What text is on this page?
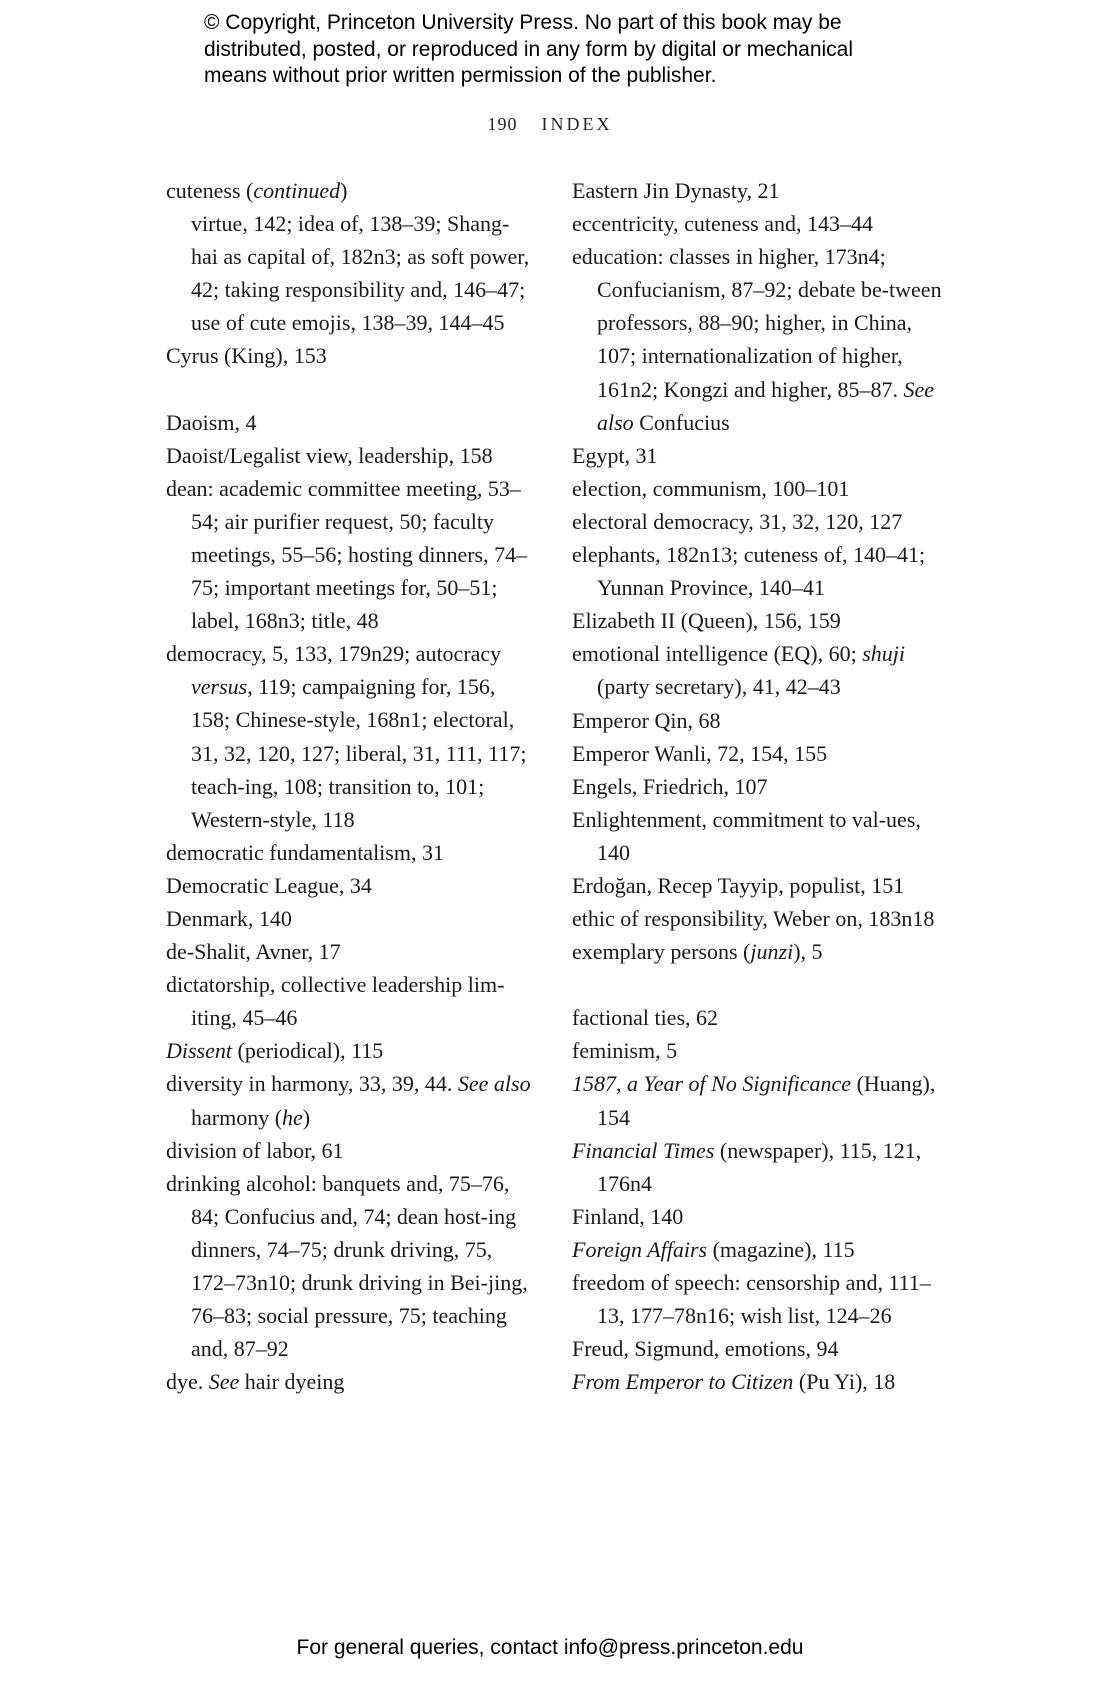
© Copyright, Princeton University Press. No part of this book may be
distributed, posted, or reproduced in any form by digital or mechanical
means without prior written permission of the publisher.
190 INDEX

cuteness (continued)

virtue, 142; idea of, 138–39; Shang-hai as capital of, 182n3; as soft power, 42; taking responsibility and, 146–47; use of cute emojis, 138–39, 144–45

Cyrus (King), 153

Daoism, 4

Daoist/Legalist view, leadership, 158

dean: academic committee meeting, 53–54; air purifier request, 50; faculty meetings, 55–56; hosting dinners, 74–75; important meetings for, 50–51; label, 168n3; title, 48

democracy, 5, 133, 179n29; autocracy versus, 119; campaigning for, 156, 158; Chinese-style, 168n1; electoral, 31, 32, 120, 127; liberal, 31, 111, 117; teach-ing, 108; transition to, 101; Western-style, 118

democratic fundamentalism, 31

Democratic League, 34

Denmark, 140

de-Shalit, Avner, 17

dictatorship, collective leadership lim-iting, 45–46

Dissent (periodical), 115

diversity in harmony, 33, 39, 44. See also harmony (he)

division of labor, 61

drinking alcohol: banquets and, 75–76, 84; Confucius and, 74; dean host-ing dinners, 74–75; drunk driving, 75, 172–73n10; drunk driving in Bei-jing, 76–83; social pressure, 75; teaching and, 87–92

dye. See hair dyeing

Eastern Jin Dynasty, 21

eccentricity, cuteness and, 143–44

education: classes in higher, 173n4; Confucianism, 87–92; debate be-tween professors, 88–90; higher, in China, 107; internationalization of higher, 161n2; Kongzi and higher, 85–87. See also Confucius

Egypt, 31

election, communism, 100–101

electoral democracy, 31, 32, 120, 127

elephants, 182n13; cuteness of, 140–41; Yunnan Province, 140–41

Elizabeth II (Queen), 156, 159

emotional intelligence (EQ), 60; shuji (party secretary), 41, 42–43

Emperor Qin, 68

Emperor Wanli, 72, 154, 155

Engels, Friedrich, 107

Enlightenment, commitment to val-ues, 140

Erdoğan, Recep Tayyip, populist, 151

ethic of responsibility, Weber on, 183n18

exemplary persons (junzi), 5

factional ties, 62

feminism, 5

1587, a Year of No Significance (Huang), 154

Financial Times (newspaper), 115, 121, 176n4

Finland, 140

Foreign Affairs (magazine), 115

freedom of speech: censorship and, 111–13, 177–78n16; wish list, 124–26

Freud, Sigmund, emotions, 94

From Emperor to Citizen (Pu Yi), 18

For general queries, contact info@press.princeton.edu
